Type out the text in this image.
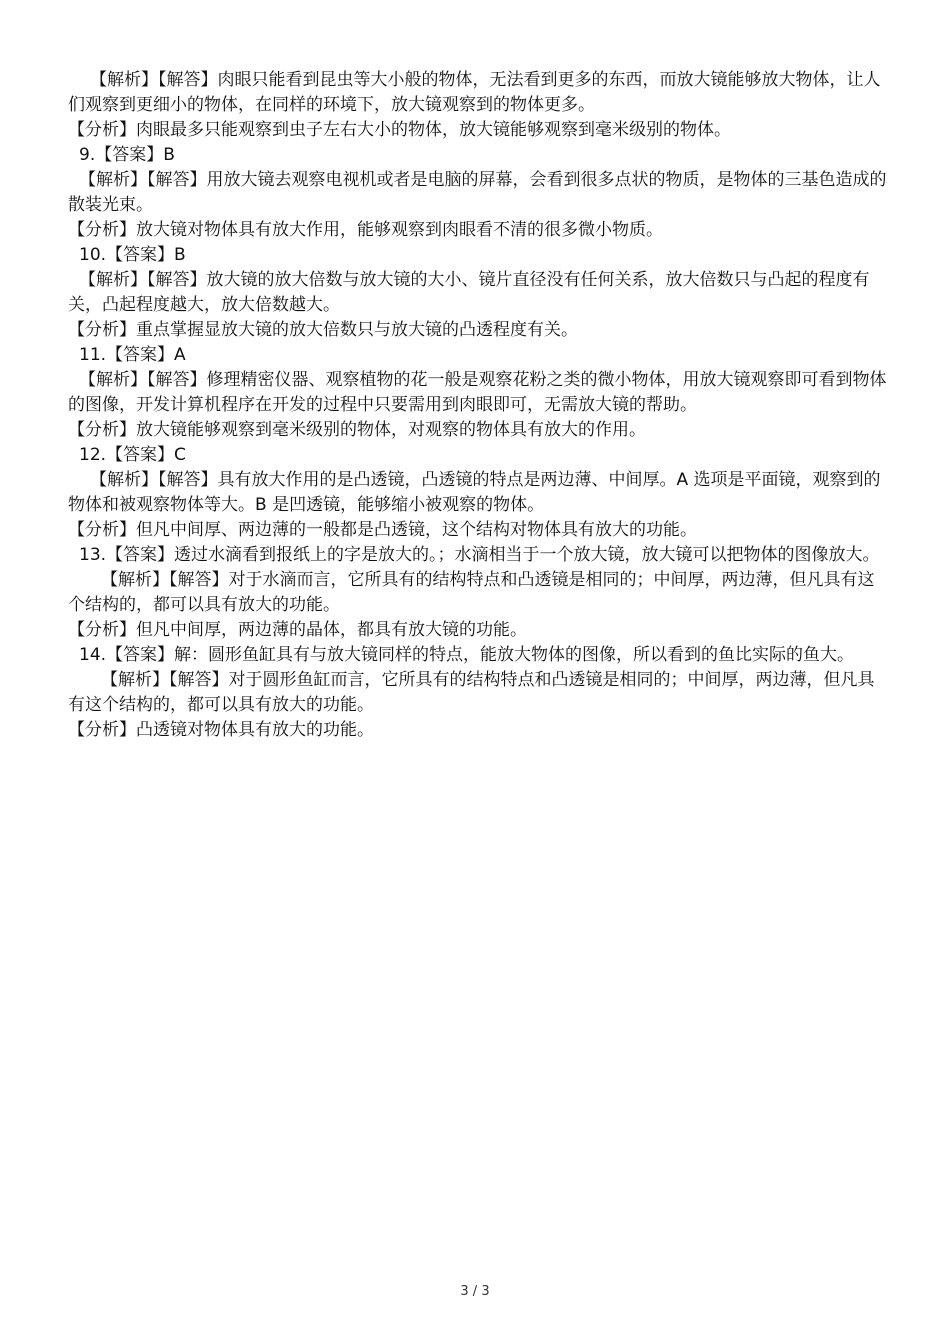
【解析】【解答】肉眼只能看到昆虫等大小般的物体，无法看到更多的东西，而放大镜能够放大物体，让人们观察到更细小的物体，在同样的环境下，放大镜观察到的物体更多。

【分析】肉眼最多只能观察到虫子左右大小的物体，放大镜能够观察到毫米级别的物体。

9.【答案】B

【解析】【解答】用放大镜去观察电视机或者是电脑的屏幕，会看到很多点状的物质，是物体的三基色造成的散装光束。

【分析】放大镜对物体具有放大作用，能够观察到肉眼看不清的很多微小物质。

10.【答案】B

【解析】【解答】放大镜的放大倍数与放大镜的大小、镜片直径没有任何关系，放大倍数只与凸起的程度有关，凸起程度越大，放大倍数越大。

【分析】重点掌握显放大镜的放大倍数只与放大镜的凸透程度有关。

11.【答案】A

【解析】【解答】修理精密仪器、观察植物的花一般是观察花粉之类的微小物体，用放大镜观察即可看到物体的图像，开发计算机程序在开发的过程中只要需用到肉眼即可，无需放大镜的帮助。

【分析】放大镜能够观察到毫米级别的物体，对观察的物体具有放大的作用。

12.【答案】C

【解析】【解答】具有放大作用的是凸透镜，凸透镜的特点是两边薄、中间厚。A 选项是平面镜，观察到的物体和被观察物体等大。B 是凹透镜，能够缩小被观察的物体。

【分析】但凡中间厚、两边薄的一般都是凸透镜，这个结构对物体具有放大的功能。

13.【答案】透过水滴看到报纸上的字是放大的。；水滴相当于一个放大镜，放大镜可以把物体的图像放大。

【解析】【解答】对于水滴而言，它所具有的结构特点和凸透镜是相同的；中间厚，两边薄，但凡具有这个结构的，都可以具有放大的功能。

【分析】但凡中间厚，两边薄的晶体，都具有放大镜的功能。

14.【答案】解：圆形鱼缸具有与放大镜同样的特点，能放大物体的图像，所以看到的鱼比实际的鱼大。

【解析】【解答】对于圆形鱼缸而言，它所具有的结构特点和凸透镜是相同的；中间厚，两边薄，但凡具有这个结构的，都可以具有放大的功能。

【分析】凸透镜对物体具有放大的功能。

3 / 3
